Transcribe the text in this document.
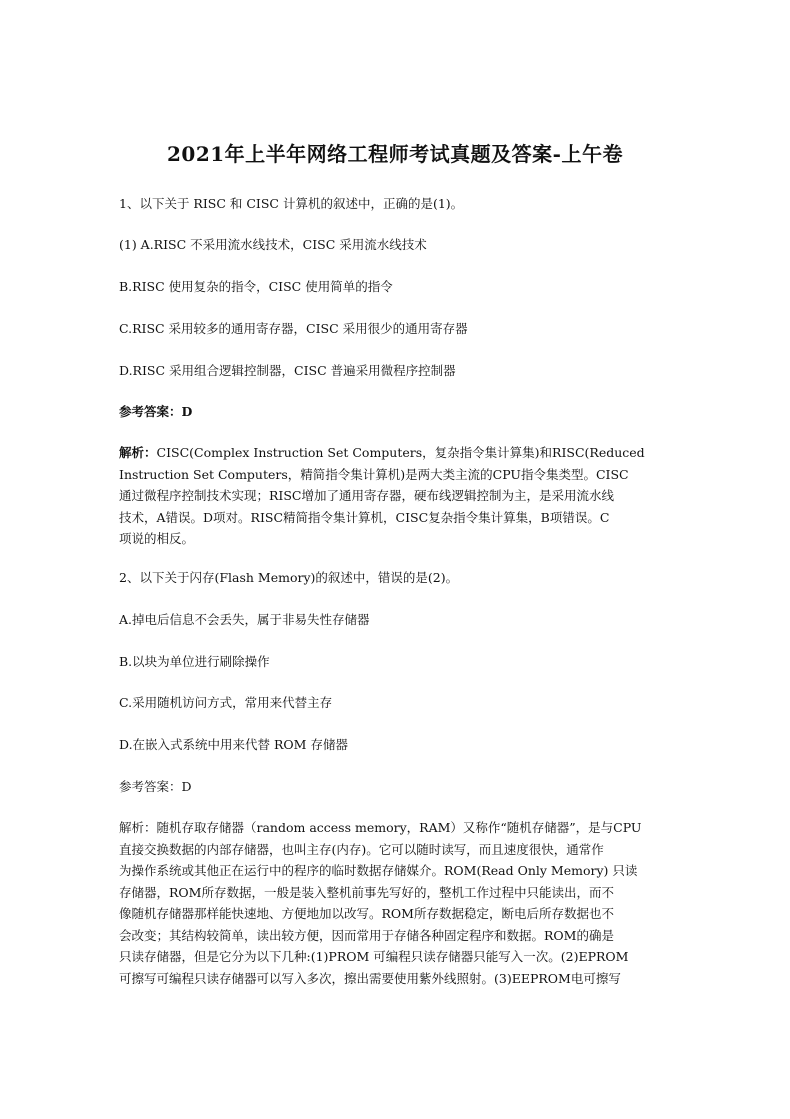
2021年上半年网络工程师考试真题及答案-上午卷
1、以下关于 RISC 和 CISC 计算机的叙述中，正确的是(1)。
(1) A.RISC 不采用流水线技术，CISC 采用流水线技术
B.RISC 使用复杂的指令，CISC 使用简单的指令
C.RISC 采用较多的通用寄存器，CISC 采用很少的通用寄存器
D.RISC 采用组合逻辑控制器，CISC 普遍采用微程序控制器
参考答案：D
解析：CISC(Complex Instruction Set Computers，复杂指令集计算集)和RISC(Reduced
Instruction Set Computers，精简指令集计算机)是两大类主流的CPU指令集类型。CISC
通过微程序控制技术实现；RISC增加了通用寄存器，硬布线逻辑控制为主，是采用流水线
技术，A错误。D项对。RISC精简指令集计算机，CISC复杂指令集计算集，B项错误。C
项说的相反。
2、以下关于闪存(Flash Memory)的叙述中，错误的是(2)。
A.掉电后信息不会丢失，属于非易失性存储器
B.以块为单位进行刷除操作
C.采用随机访问方式，常用来代替主存
D.在嵌入式系统中用来代替 ROM 存储器
参考答案：D
解析：随机存取存储器（random access memory，RAM）又称作“随机存储器”，是与CPU
直接交换数据的内部存储器，也叫主存(内存)。它可以随时读写，而且速度很快，通常作
为操作系统或其他正在运行中的程序的临时数据存储媒介。ROM(Read Only Memory) 只读
存储器，ROM所存数据，一般是装入整机前事先写好的，整机工作过程中只能读出，而不
像随机存储器那样能快速地、方便地加以改写。ROM所存数据稳定，断电后所存数据也不
会改变；其结构较简单，读出较方便，因而常用于存储各种固定程序和数据。ROM的确是
只读存储器，但是它分为以下几种:(1)PROM 可编程只读存储器只能写入一次。(2)EPROM
可擦写可编程只读存储器可以写入多次，擦出需要使用紫外线照射。(3)EEPROM电可擦写
